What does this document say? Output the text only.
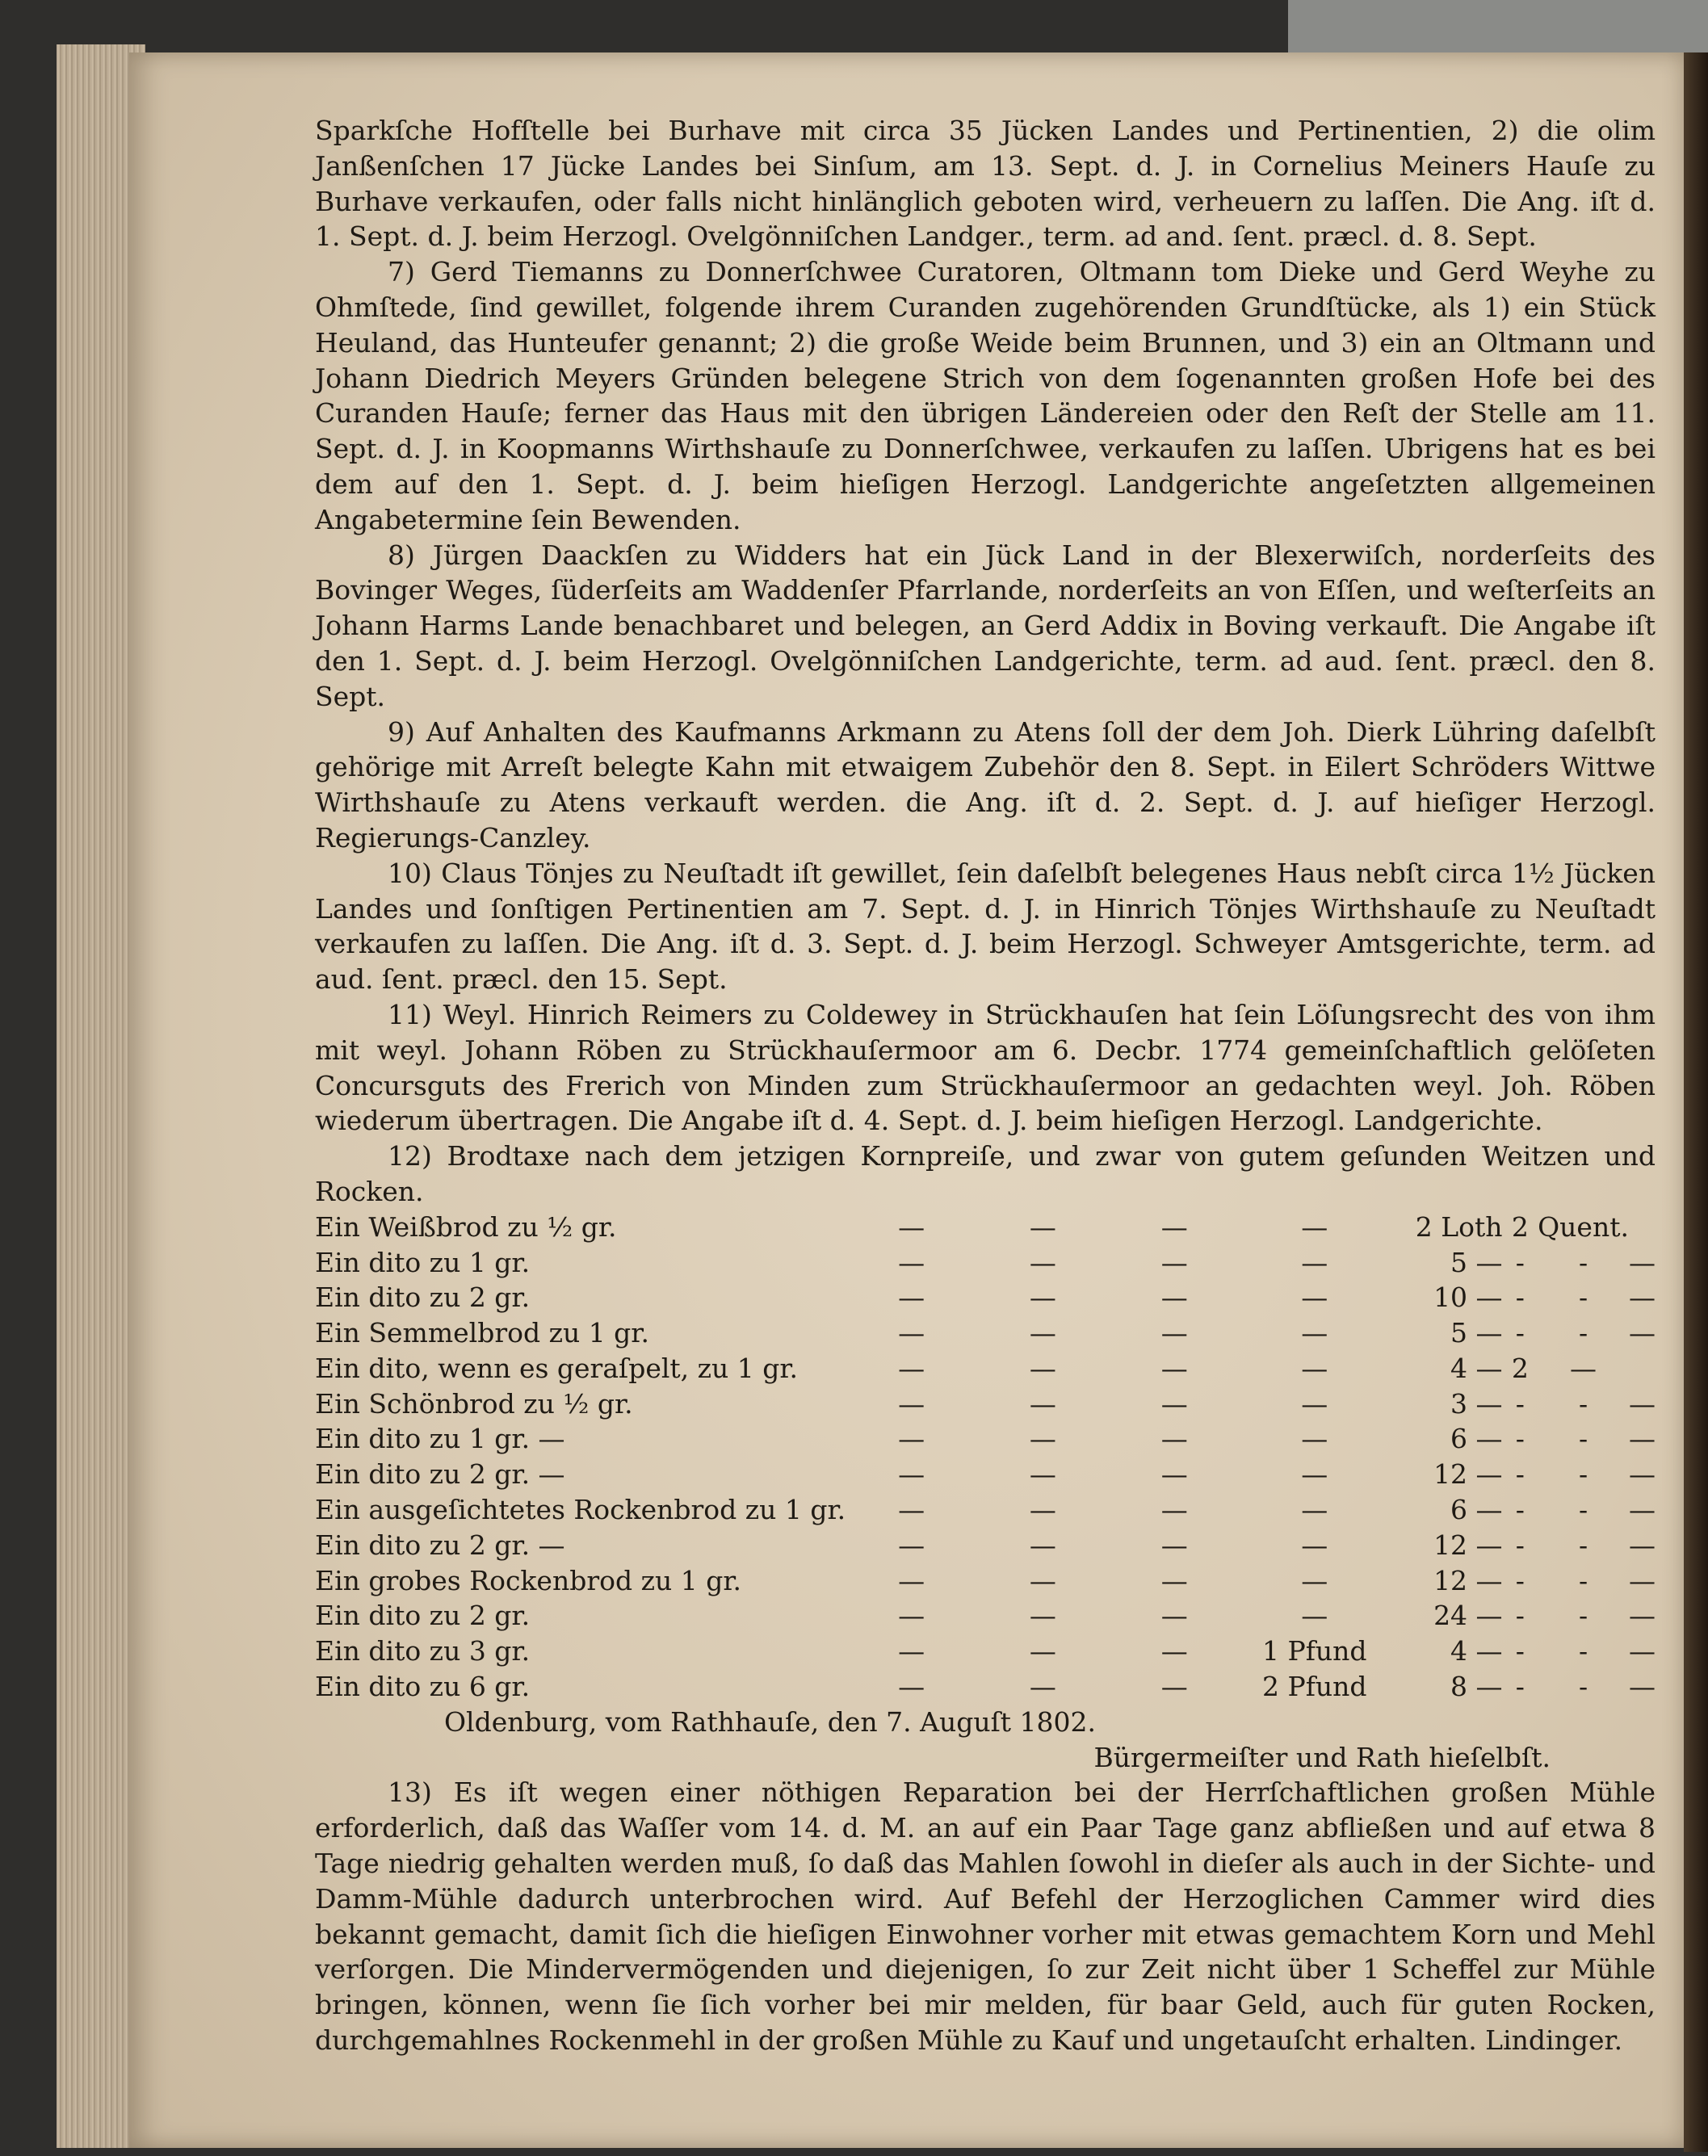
Sparkſche Hofſtelle bei Burhave mit circa 35 Jücken Landes und Pertinentien, 2) die olim Janßenſchen 17 Jücke Landes bei Sinſum, am 13. Sept. d. J. in Cornelius Meiners Hauſe zu Burhave verkaufen, oder falls nicht hinlänglich geboten wird, verheuern zu laſſen. Die Ang. iſt d. 1. Sept. d. J. beim Herzogl. Ovelgönniſchen Landger., term. ad and. ſent. præcl. d. 8. Sept.

7) Gerd Tiemanns zu Donnerſchwee Curatoren, Oltmann tom Dieke und Gerd Weyhe zu Ohmſtede, ſind gewillet, folgende ihrem Curanden zugehörenden Grundſtücke, als 1) ein Stück Heuland, das Hunteufer genannt; 2) die große Weide beim Brunnen, und 3) ein an Oltmann und Johann Diedrich Meyers Gründen belegene Strich von dem ſogenannten großen Hofe bei des Curanden Hauſe; ferner das Haus mit den übrigen Ländereien oder den Reſt der Stelle am 11. Sept. d. J. in Koopmanns Wirthshauſe zu Donnerſchwee, verkaufen zu laſſen. Ubrigens hat es bei dem auf den 1. Sept. d. J. beim hieſigen Herzogl. Landgerichte angeſetzten allgemeinen Angabetermine ſein Bewenden.

8) Jürgen Daackſen zu Widders hat ein Jück Land in der Blexerwiſch, norderſeits des Bovinger Weges, ſüderſeits am Waddenſer Pfarrlande, norderſeits an von Eſſen, und weſterſeits an Johann Harms Lande benachbaret und belegen, an Gerd Addix in Boving verkauft. Die Angabe iſt den 1. Sept. d. J. beim Herzogl. Ovelgönniſchen Landgerichte, term. ad aud. ſent. præcl. den 8. Sept.

9) Auf Anhalten des Kaufmanns Arkmann zu Atens ſoll der dem Joh. Dierk Lühring daſelbſt gehörige mit Arreſt belegte Kahn mit etwaigem Zubehör den 8. Sept. in Eilert Schröders Wittwe Wirthshauſe zu Atens verkauft werden. die Ang. iſt d. 2. Sept. d. J. auf hieſiger Herzogl. Regierungs-Canzley.

10) Claus Tönjes zu Neuſtadt iſt gewillet, ſein daſelbſt belegenes Haus nebſt circa 1½ Jücken Landes und ſonſtigen Pertinentien am 7. Sept. d. J. in Hinrich Tönjes Wirthshauſe zu Neuſtadt verkaufen zu laſſen. Die Ang. iſt d. 3. Sept. d. J. beim Herzogl. Schweyer Amtsgerichte, term. ad aud. ſent. præcl. den 15. Sept.

11) Weyl. Hinrich Reimers zu Coldewey in Strückhauſen hat ſein Löſungsrecht des von ihm mit weyl. Johann Röben zu Strückhauſermoor am 6. Decbr. 1774 gemeinſchaftlich gelöſeten Concursguts des Frerich von Minden zum Strückhauſermoor an gedachten weyl. Joh. Röben wiederum übertragen. Die Angabe iſt d. 4. Sept. d. J. beim hieſigen Herzogl. Landgerichte.

12) Brodtaxe nach dem jetzigen Kornpreiſe, und zwar von gutem geſunden Weitzen und Rocken.

Ein Weißbrod zu ½ gr.	—	—	—	—	2 Loth	2	Quent.	
Ein dito zu 1 gr.	—	—	—	—	5 —	-	-	—
Ein dito zu 2 gr.	—	—	—	—	10 —	-	-	—
Ein Semmelbrod zu 1 gr.	—	—	—	—	5 —	-	-	—
Ein dito, wenn es geraſpelt, zu 1 gr.	—	—	—	—	4 —	2	—	
Ein Schönbrod zu ½ gr.	—	—	—	—	3 —	-	-	—
Ein dito zu 1 gr. —	—	—	—	—	6 —	-	-	—
Ein dito zu 2 gr. —	—	—	—	—	12 —	-	-	—
Ein ausgeſichtetes Rockenbrod zu 1 gr.	—	—	—	—	6 —	-	-	—
Ein dito zu 2 gr. —	—	—	—	—	12 —	-	-	—
Ein grobes Rockenbrod zu 1 gr.	—	—	—	—	12 —	-	-	—
Ein dito zu 2 gr.	—	—	—	—	24 —	-	-	—
Ein dito zu 3 gr.	—	—	—	1 Pfund	4 —	-	-	—
Ein dito zu 6 gr.	—	—	—	2 Pfund	8 —	-	-	—

Oldenburg, vom Rathhauſe, den 7. Auguſt 1802.

Bürgermeiſter und Rath hieſelbſt.

13) Es iſt wegen einer nöthigen Reparation bei der Herrſchaftlichen großen Mühle erforderlich, daß das Waſſer vom 14. d. M. an auf ein Paar Tage ganz abfließen und auf etwa 8 Tage niedrig gehalten werden muß, ſo daß das Mahlen ſowohl in dieſer als auch in der Sichte- und Damm-Mühle dadurch unterbrochen wird. Auf Befehl der Herzoglichen Cammer wird dies bekannt gemacht, damit ſich die hieſigen Einwohner vorher mit etwas gemachtem Korn und Mehl verſorgen. Die Mindervermögenden und diejenigen, ſo zur Zeit nicht über 1 Scheffel zur Mühle bringen, können, wenn ſie ſich vorher bei mir melden, für baar Geld, auch für guten Rocken, durchgemahlnes Rockenmehl in der großen Mühle zu Kauf und ungetauſcht erhalten. Lindinger.
